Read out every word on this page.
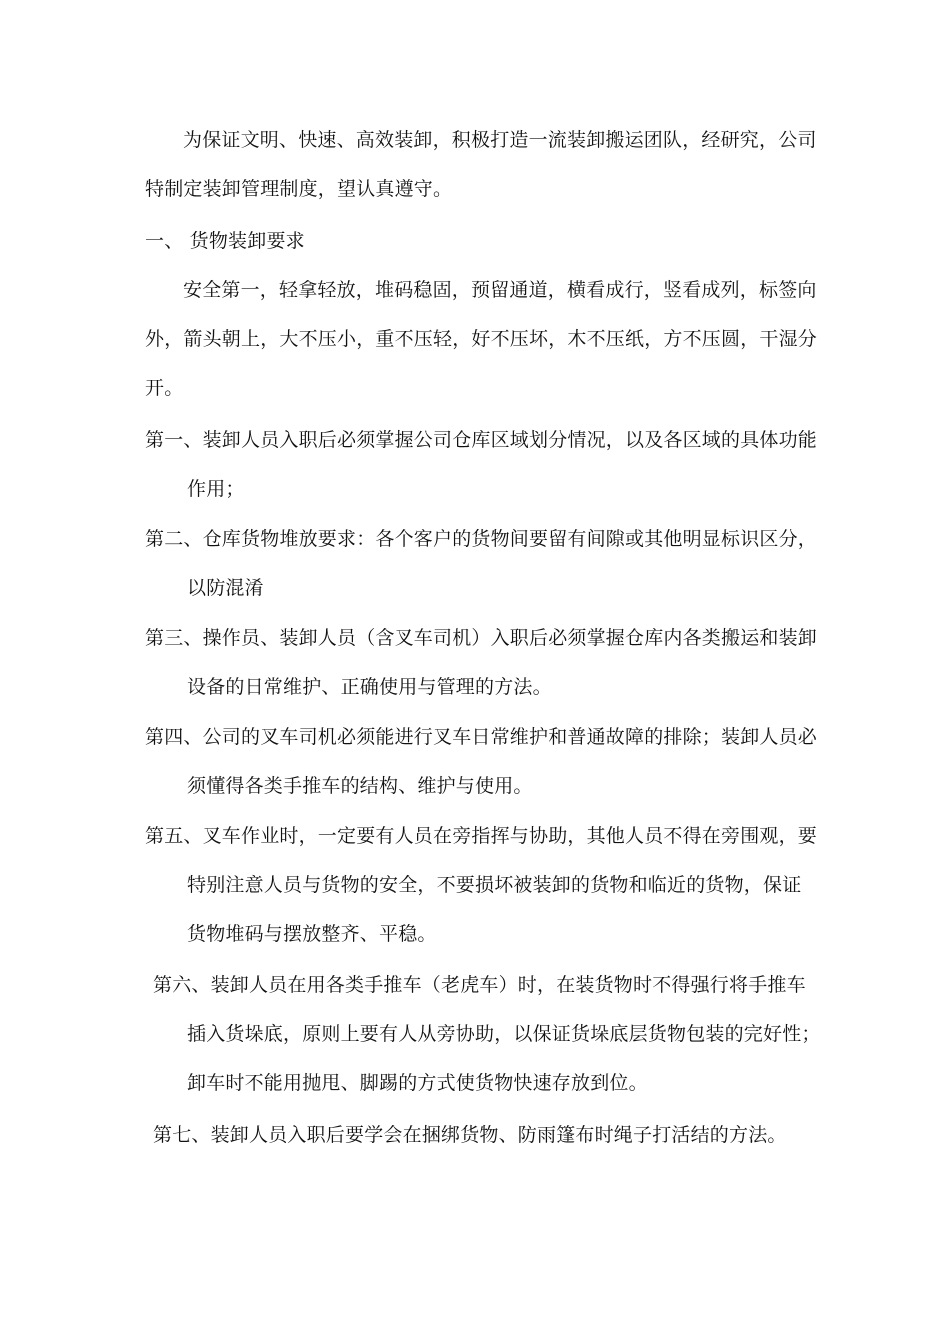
为保证文明、快速、高效装卸，积极打造一流装卸搬运团队，经研究，公司
特制定装卸管理制度，望认真遵守。
一、 货物装卸要求
安全第一，轻拿轻放，堆码稳固，预留通道，横看成行，竖看成列，标签向
外，箭头朝上，大不压小，重不压轻，好不压坏，木不压纸，方不压圆，干湿分
开。
第一、装卸人员入职后必须掌握公司仓库区域划分情况，以及各区域的具体功能
作用；
第二、仓库货物堆放要求：各个客户的货物间要留有间隙或其他明显标识区分，
以防混淆
第三、操作员、装卸人员（含叉车司机）入职后必须掌握仓库内各类搬运和装卸
设备的日常维护、正确使用与管理的方法。
第四、公司的叉车司机必须能进行叉车日常维护和普通故障的排除；装卸人员必
须懂得各类手推车的结构、维护与使用。
第五、叉车作业时，一定要有人员在旁指挥与协助，其他人员不得在旁围观，要
特别注意人员与货物的安全，不要损坏被装卸的货物和临近的货物，保证
货物堆码与摆放整齐、平稳。
第六、装卸人员在用各类手推车（老虎车）时，在装货物时不得强行将手推车
插入货垛底，原则上要有人从旁协助，以保证货垛底层货物包装的完好性；
卸车时不能用抛甩、脚踢的方式使货物快速存放到位。
第七、装卸人员入职后要学会在捆绑货物、防雨篷布时绳子打活结的方法。
